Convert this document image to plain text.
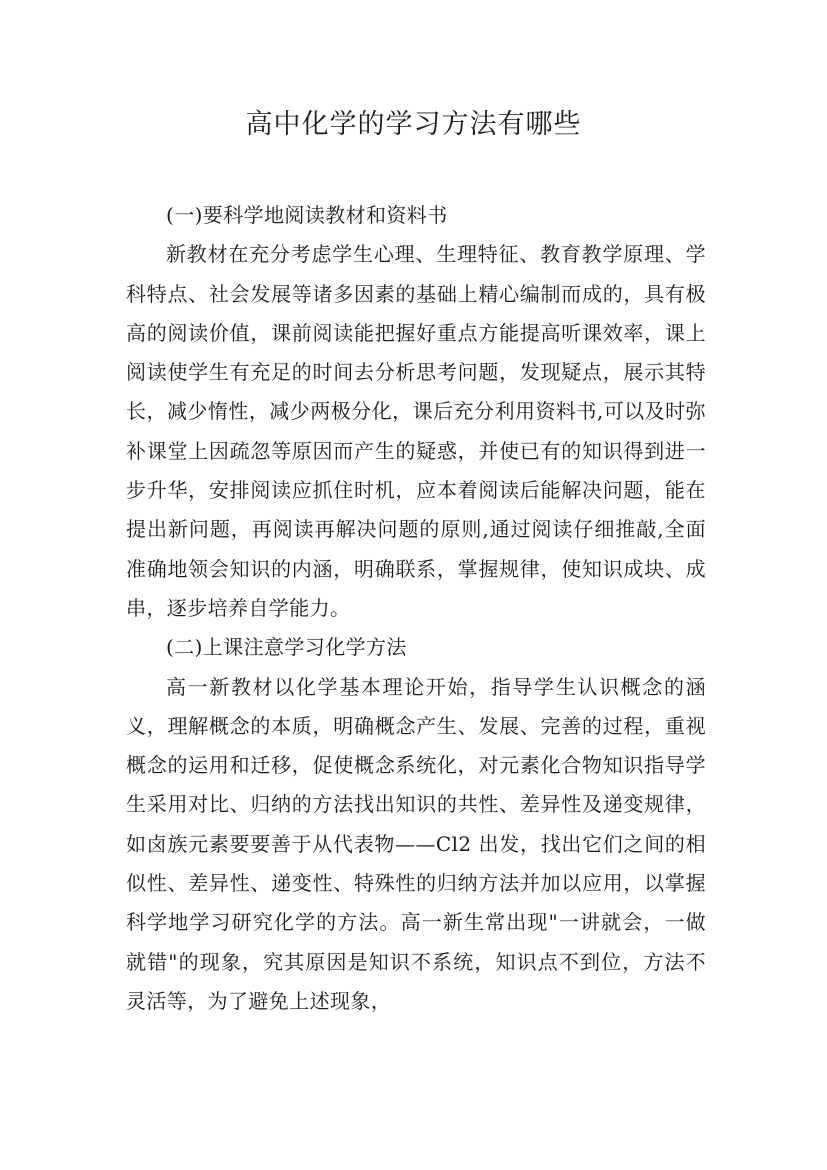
高中化学的学习方法有哪些

(一)要科学地阅读教材和资料书

新教材在充分考虑学生心理、生理特征、教育教学原理、学科特点、社会发展等诸多因素的基础上精心编制而成的，具有极高的阅读价值，课前阅读能把握好重点方能提高听课效率，课上阅读使学生有充足的时间去分析思考问题，发现疑点，展示其特长，减少惰性，减少两极分化，课后充分利用资料书,可以及时弥补课堂上因疏忽等原因而产生的疑惑，并使已有的知识得到进一步升华，安排阅读应抓住时机，应本着阅读后能解决问题，能在提出新问题，再阅读再解决问题的原则,通过阅读仔细推敲,全面准确地领会知识的内涵，明确联系，掌握规律，使知识成块、成串，逐步培养自学能力。

(二)上课注意学习化学方法

高一新教材以化学基本理论开始，指导学生认识概念的涵义，理解概念的本质，明确概念产生、发展、完善的过程，重视概念的运用和迁移，促使概念系统化，对元素化合物知识指导学生采用对比、归纳的方法找出知识的共性、差异性及递变规律，如卤族元素要要善于从代表物——Cl2 出发，找出它们之间的相似性、差异性、递变性、特殊性的归纳方法并加以应用，以掌握科学地学习研究化学的方法。高一新生常出现"一讲就会，一做就错"的现象，究其原因是知识不系统，知识点不到位，方法不灵活等，为了避免上述现象，
